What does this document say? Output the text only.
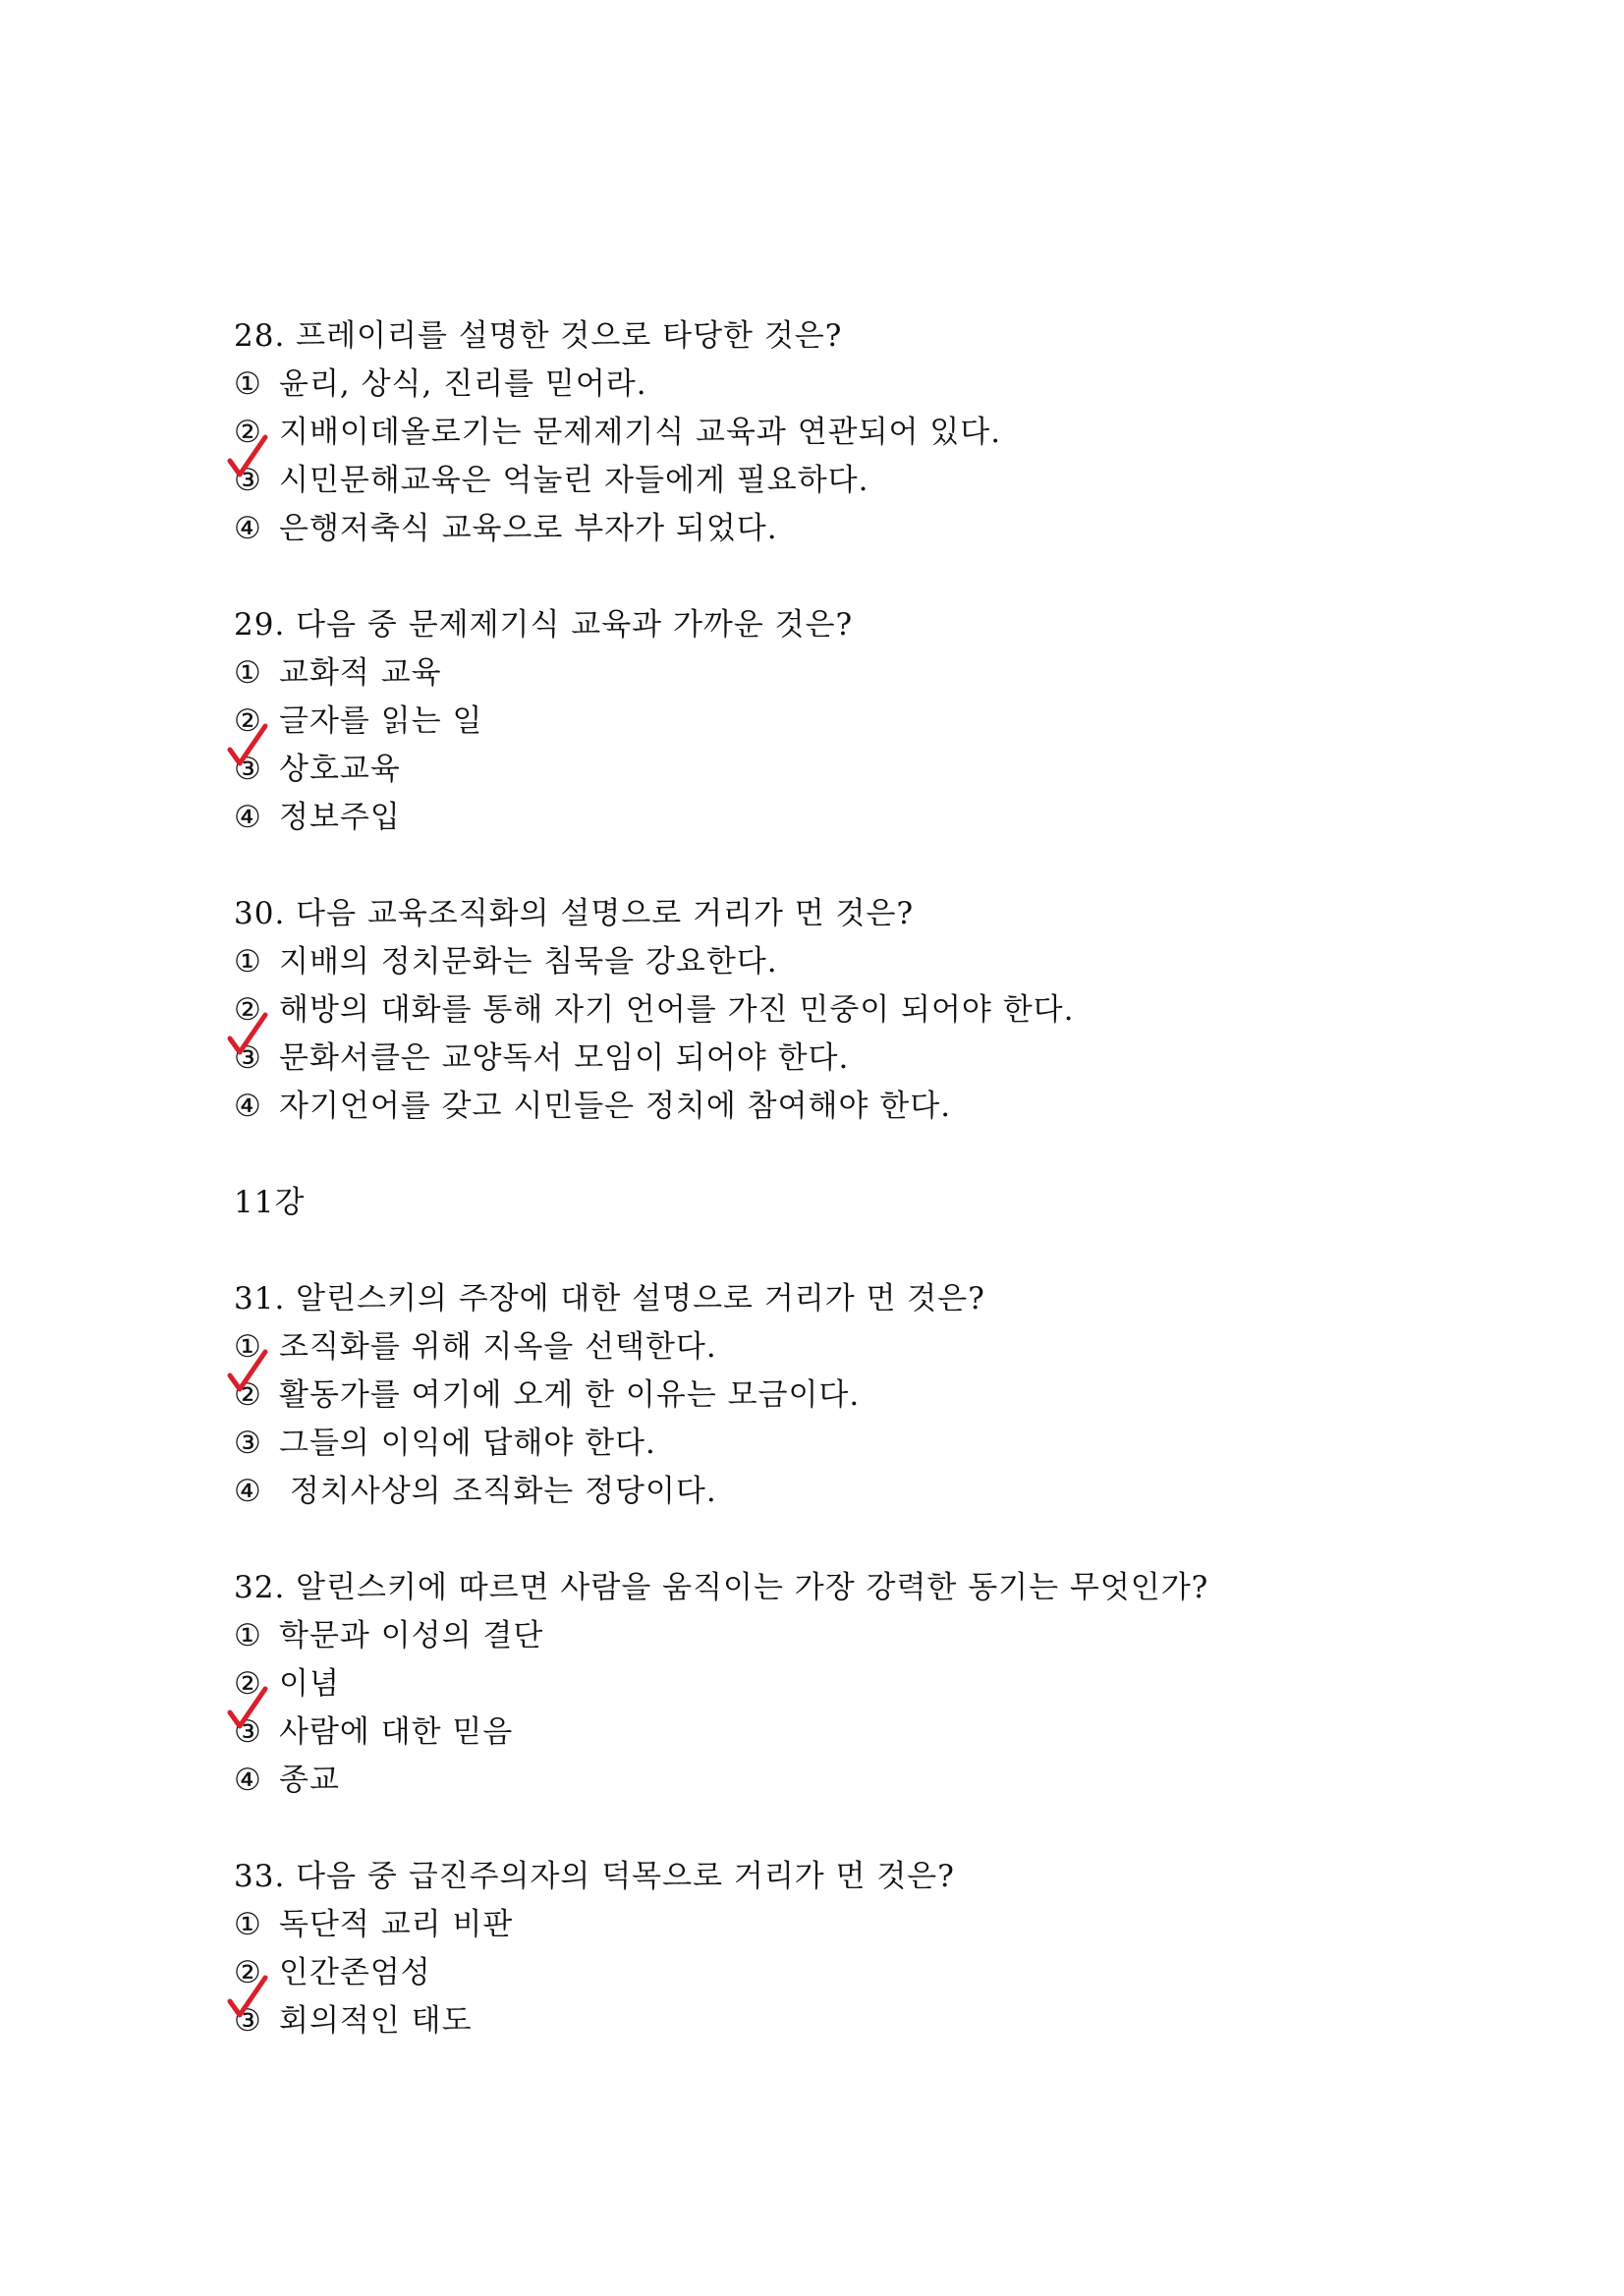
28. 프레이리를 설명한 것으로 타당한 것은?
① 윤리, 상식, 진리를 믿어라.
② 지배이데올로기는 문제제기식 교육과 연관되어 있다.
③ 시민문해교육은 억눌린 자들에게 필요하다.
④ 은행저축식 교육으로 부자가 되었다.
29. 다음 중 문제제기식 교육과 가까운 것은?
① 교화적 교육
② 글자를 읽는 일
③ 상호교육
④ 정보주입
30. 다음 교육조직화의 설명으로 거리가 먼 것은?
① 지배의 정치문화는 침묵을 강요한다.
② 해방의 대화를 통해 자기 언어를 가진 민중이 되어야 한다.
③ 문화서클은 교양독서 모임이 되어야 한다.
④ 자기언어를 갖고 시민들은 정치에 참여해야 한다.
11강
31. 알린스키의 주장에 대한 설명으로 거리가 먼 것은?
① 조직화를 위해 지옥을 선택한다.
② 활동가를 여기에 오게 한 이유는 모금이다.
③ 그들의 이익에 답해야 한다.
④ 정치사상의 조직화는 정당이다.
32. 알린스키에 따르면 사람을 움직이는 가장 강력한 동기는 무엇인가?
① 학문과 이성의 결단
② 이념
③ 사람에 대한 믿음
④ 종교
33. 다음 중 급진주의자의 덕목으로 거리가 먼 것은?
① 독단적 교리 비판
② 인간존엄성
③ 회의적인 태도
